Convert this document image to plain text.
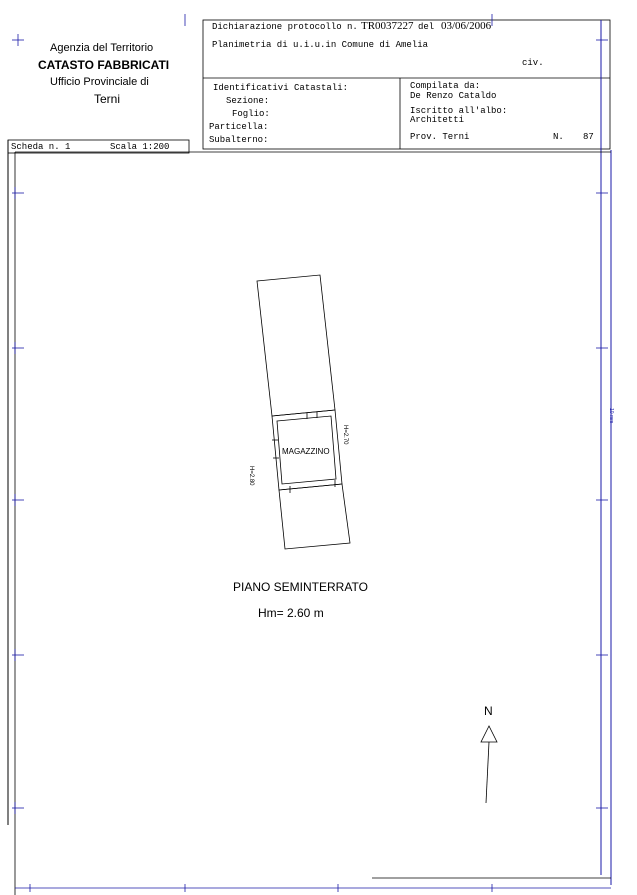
Agenzia del Territorio
CATASTO FABBRICATI
Ufficio Provinciale di
Terni
Dichiarazione protocollo n. TR0037227 del 03/06/2006
Planimetria di u.i.u.in Comune di Amelia
civ.
Identificativi Catastali:
Sezione:
Foglio:
Particella:
Subalterno:
Compilata da:
De Renzo Cataldo
Iscritto all'albo:
Architetti
Prov. Terni	N. 87
Scheda n. 1	Scala 1:200
MAGAZZINO
H=2.80
H=2.70
PIANO SEMINTERRATO
Hm= 2.60 m
N
10 mm
